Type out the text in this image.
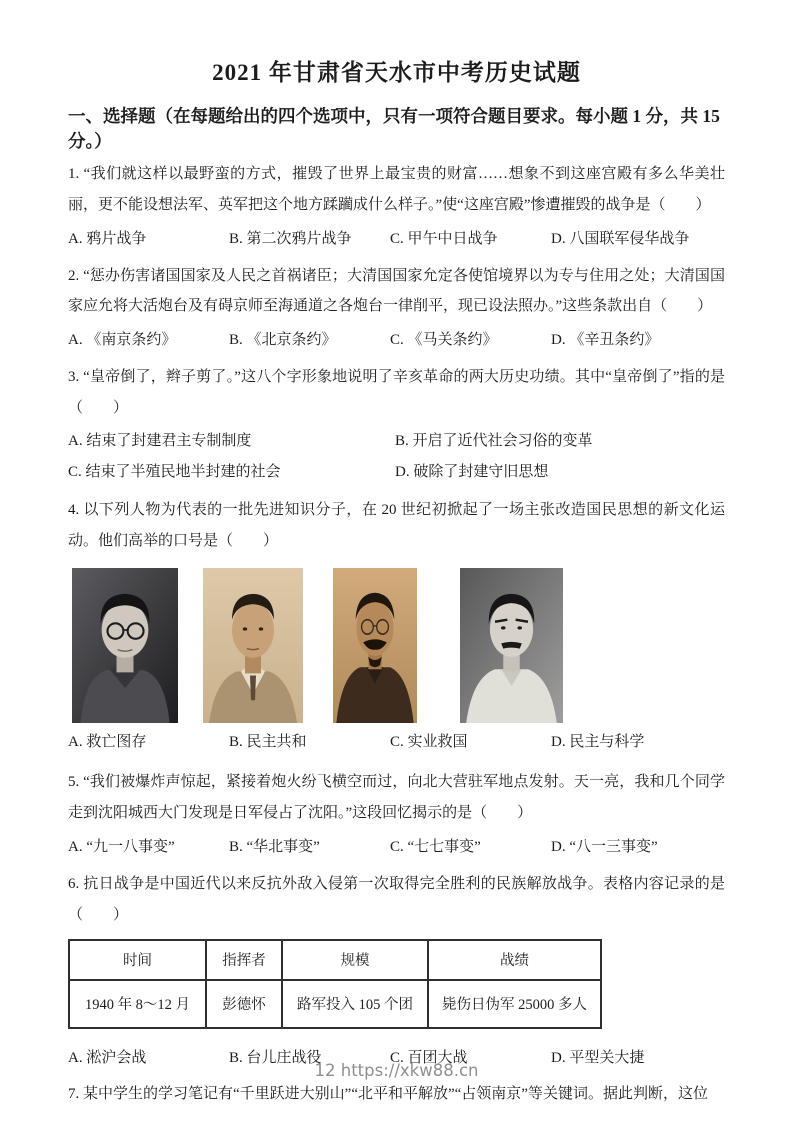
2021 年甘肃省天水市中考历史试题
一、选择题（在每题给出的四个选项中，只有一项符合题目要求。每小题 1 分，共 15 分。）

1. “我们就这样以最野蛮的方式，摧毁了世界上最宝贵的财富……想象不到这座宫殿有多么华美壮丽，更不能设想法军、英军把这个地方蹂躏成什么样子。”使“这座宫殿”惨遭摧毁的战争是（　　）

A. 鸦片战争	B. 第二次鸦片战争	C. 甲午中日战争	D. 八国联军侵华战争

2. “惩办伤害诸国国家及人民之首祸诸臣；大清国国家允定各使馆境界以为专与住用之处；大清国国家应允将大活炮台及有碍京师至海通道之各炮台一律削平，现已设法照办。”这些条款出自（　　）

A. 《南京条约》	B. 《北京条约》	C. 《马关条约》	D. 《辛丑条约》

3. “皇帝倒了，辫子剪了。”这八个字形象地说明了辛亥革命的两大历史功绩。其中“皇帝倒了”指的是（　　）

A. 结束了封建君主专制制度	B. 开启了近代社会习俗的变革
C. 结束了半殖民地半封建的社会	D. 破除了封建守旧思想

4. 以下列人物为代表的一批先进知识分子，在 20 世纪初掀起了一场主张改造国民思想的新文化运动。他们高举的口号是（　　）

A. 救亡图存	B. 民主共和	C. 实业救国	D. 民主与科学

5. “我们被爆炸声惊起，紧接着炮火纷飞横空而过，向北大营驻军地点发射。天一亮，我和几个同学走到沈阳城西大门发现是日军侵占了沈阳。”这段回忆揭示的是（　　）

A. “九一八事变”	B. “华北事变”	C. “七七事变”	D. “八一三事变”

6. 抗日战争是中国近代以来反抗外敌入侵第一次取得完全胜利的民族解放战争。表格内容记录的是（　　）

时间	指挥者	规模	战绩
1940 年 8～12 月	彭德怀	路军投入 105 个团	毙伤日伪军 25000 多人
A. 淞沪会战	B. 台儿庄战役	C. 百团大战	D. 平型关大捷

7. 某中学生的学习笔记有“千里跃进大别山”“北平和平解放”“占领南京”等关键词。据此判断，这位

12 https://xkw88.cn
